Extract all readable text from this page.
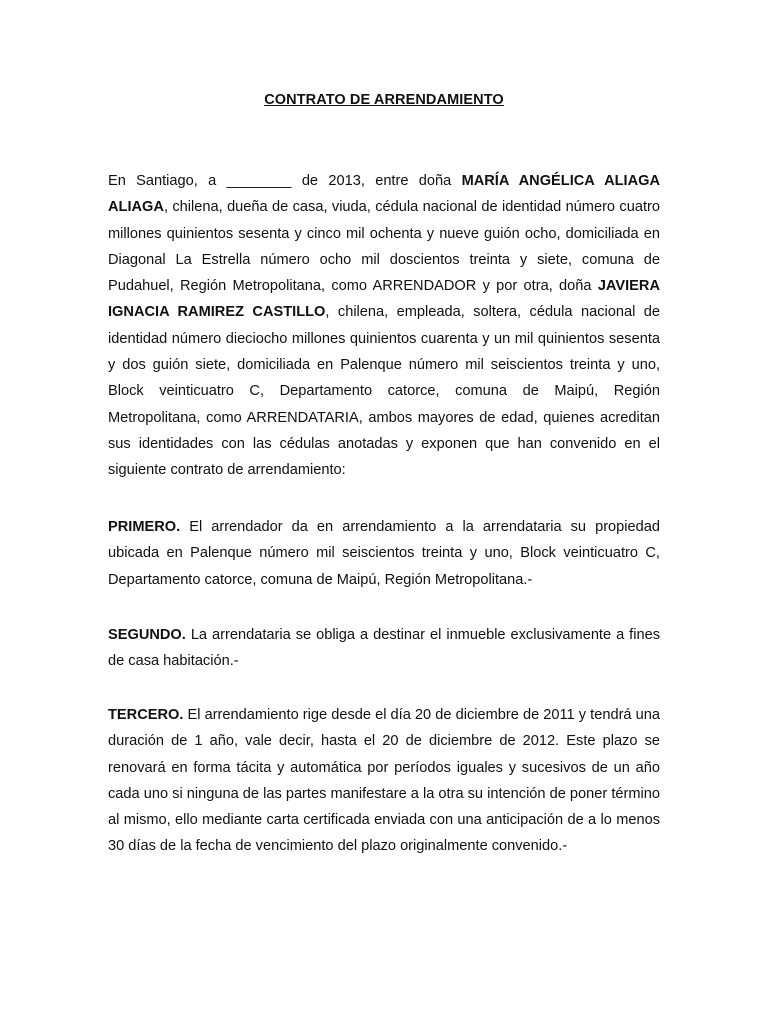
CONTRATO DE ARRENDAMIENTO

En Santiago, a ________ de 2013, entre doña MARÍA ANGÉLICA ALIAGA ALIAGA, chilena, dueña de casa, viuda, cédula nacional de identidad número cuatro millones quinientos sesenta y cinco mil ochenta y nueve guión ocho, domiciliada en Diagonal La Estrella número ocho mil doscientos treinta y siete, comuna de Pudahuel, Región Metropolitana, como ARRENDADOR y por otra, doña JAVIERA IGNACIA RAMIREZ CASTILLO, chilena, empleada, soltera, cédula nacional de identidad número dieciocho millones quinientos cuarenta y un mil quinientos sesenta y dos guión siete, domiciliada en Palenque número mil seiscientos treinta y uno, Block veinticuatro C, Departamento catorce, comuna de Maipú, Región Metropolitana, como ARRENDATARIA, ambos mayores de edad, quienes acreditan sus identidades con las cédulas anotadas y exponen que han convenido en el siguiente contrato de arrendamiento:

PRIMERO. El arrendador da en arrendamiento a la arrendataria su propiedad ubicada en Palenque número mil seiscientos treinta y uno, Block veinticuatro C, Departamento catorce, comuna de Maipú, Región Metropolitana.-

SEGUNDO. La arrendataria se obliga a destinar el inmueble exclusivamente a fines de casa habitación.-

TERCERO. El arrendamiento rige desde el día 20 de diciembre de 2011 y tendrá una duración de 1 año, vale decir, hasta el 20 de diciembre de 2012. Este plazo se renovará en forma tácita y automática por períodos iguales y sucesivos de un año cada uno si ninguna de las partes manifestare a la otra su intención de poner término al mismo, ello mediante carta certificada enviada con una anticipación de a lo menos 30 días de la fecha de vencimiento del plazo originalmente convenido.-
